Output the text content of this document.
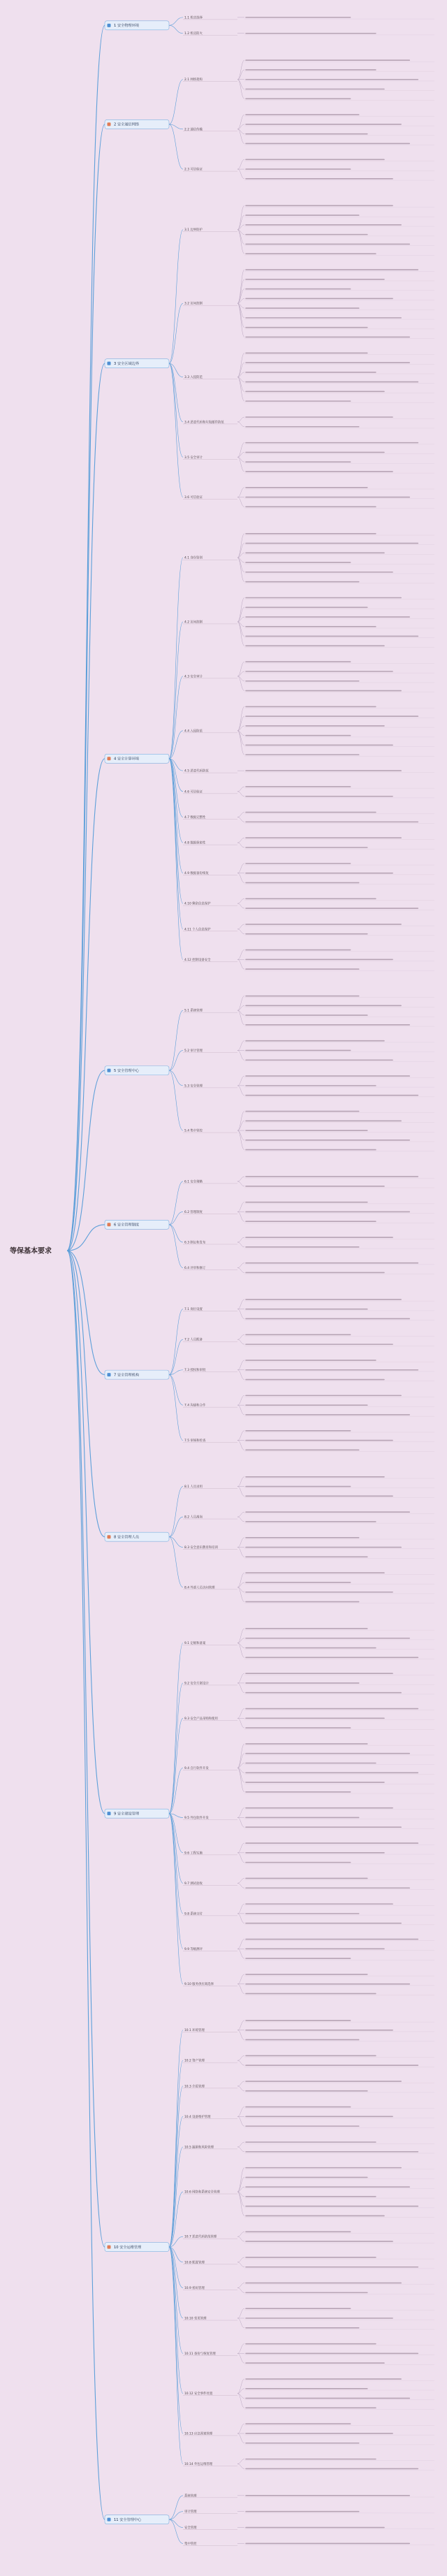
1.1 机房选择
1.2 机房防火
1 安全物理环境
2.1 网络架构
2.2 通信传输
2.3 可信验证
2 安全通信网络
3.1 边界防护
3.2 访问控制
3.3 入侵防范
3.4 恶意代码和垃圾邮件防范
3.5 安全审计
3.6 可信验证
3 安全区域边界
4.1 身份鉴别
4.2 访问控制
4.3 安全审计
4.4 入侵防范
4.5 恶意代码防范
4.6 可信验证
4.7 数据完整性
4.8 数据保密性
4.9 数据备份恢复
4.10 剩余信息保护
4.11 个人信息保护
4.12 控制设备安全
4 安全计算环境
5.1 系统管理
5.2 审计管理
5.3 安全管理
5.4 集中管控
5 安全管理中心
6.1 安全策略
6.2 管理制度
6.3 制定和发布
6.4 评审和修订
6 安全管理制度
7.1 岗位设置
7.2 人员配备
7.3 授权和审批
7.4 沟通和合作
7.5 审核和检查
7 安全管理机构
8.1 人员录用
8.2 人员离岗
8.3 安全意识教育和培训
8.4 外部人员访问管理
8 安全管理人员
9.1 定级和备案
9.2 安全方案设计
9.3 安全产品采购和使用
9.4 自行软件开发
9.5 外包软件开发
9.6 工程实施
9.7 测试验收
9.8 系统交付
9.9 等级测评
9.10 服务供应商选择
9 安全建设管理
10.1 环境管理
10.2 资产管理
10.3 介质管理
10.4 设备维护管理
10.5 漏洞和风险管理
10.6 网络和系统安全管理
10.7 恶意代码防范管理
10.8 配置管理
10.9 密码管理
10.10 变更管理
10.11 备份与恢复管理
10.12 安全事件处置
10.13 应急预案管理
10.14 外包运维管理
10 安全运维管理
系统管理
审计管理
安全管理
集中管控
11 安全管理中心
等保基本要求
